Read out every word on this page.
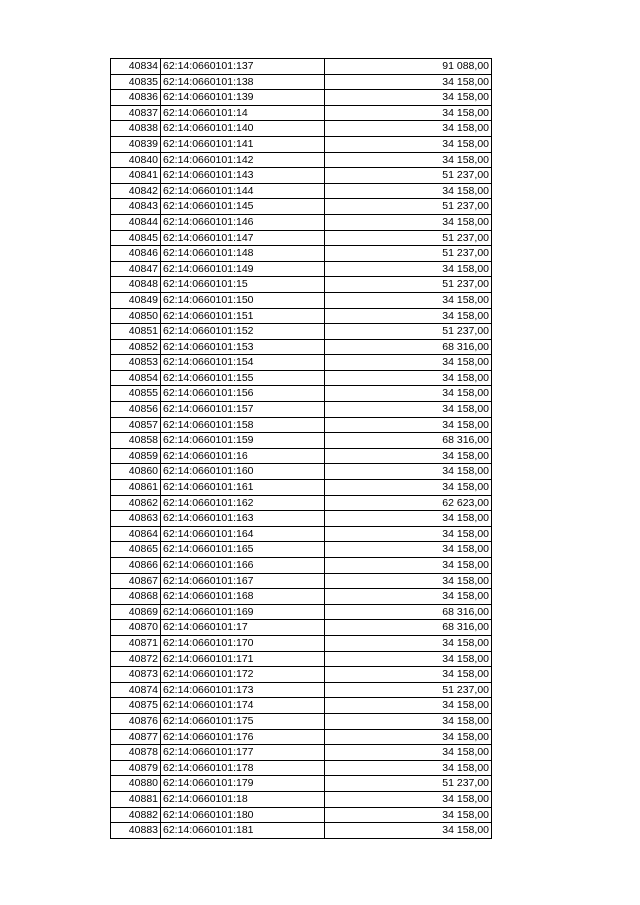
40834	62:14:0660101:137	91 088,00
40835	62:14:0660101:138	34 158,00
40836	62:14:0660101:139	34 158,00
40837	62:14:0660101:14	34 158,00
40838	62:14:0660101:140	34 158,00
40839	62:14:0660101:141	34 158,00
40840	62:14:0660101:142	34 158,00
40841	62:14:0660101:143	51 237,00
40842	62:14:0660101:144	34 158,00
40843	62:14:0660101:145	51 237,00
40844	62:14:0660101:146	34 158,00
40845	62:14:0660101:147	51 237,00
40846	62:14:0660101:148	51 237,00
40847	62:14:0660101:149	34 158,00
40848	62:14:0660101:15	51 237,00
40849	62:14:0660101:150	34 158,00
40850	62:14:0660101:151	34 158,00
40851	62:14:0660101:152	51 237,00
40852	62:14:0660101:153	68 316,00
40853	62:14:0660101:154	34 158,00
40854	62:14:0660101:155	34 158,00
40855	62:14:0660101:156	34 158,00
40856	62:14:0660101:157	34 158,00
40857	62:14:0660101:158	34 158,00
40858	62:14:0660101:159	68 316,00
40859	62:14:0660101:16	34 158,00
40860	62:14:0660101:160	34 158,00
40861	62:14:0660101:161	34 158,00
40862	62:14:0660101:162	62 623,00
40863	62:14:0660101:163	34 158,00
40864	62:14:0660101:164	34 158,00
40865	62:14:0660101:165	34 158,00
40866	62:14:0660101:166	34 158,00
40867	62:14:0660101:167	34 158,00
40868	62:14:0660101:168	34 158,00
40869	62:14:0660101:169	68 316,00
40870	62:14:0660101:17	68 316,00
40871	62:14:0660101:170	34 158,00
40872	62:14:0660101:171	34 158,00
40873	62:14:0660101:172	34 158,00
40874	62:14:0660101:173	51 237,00
40875	62:14:0660101:174	34 158,00
40876	62:14:0660101:175	34 158,00
40877	62:14:0660101:176	34 158,00
40878	62:14:0660101:177	34 158,00
40879	62:14:0660101:178	34 158,00
40880	62:14:0660101:179	51 237,00
40881	62:14:0660101:18	34 158,00
40882	62:14:0660101:180	34 158,00
40883	62:14:0660101:181	34 158,00
